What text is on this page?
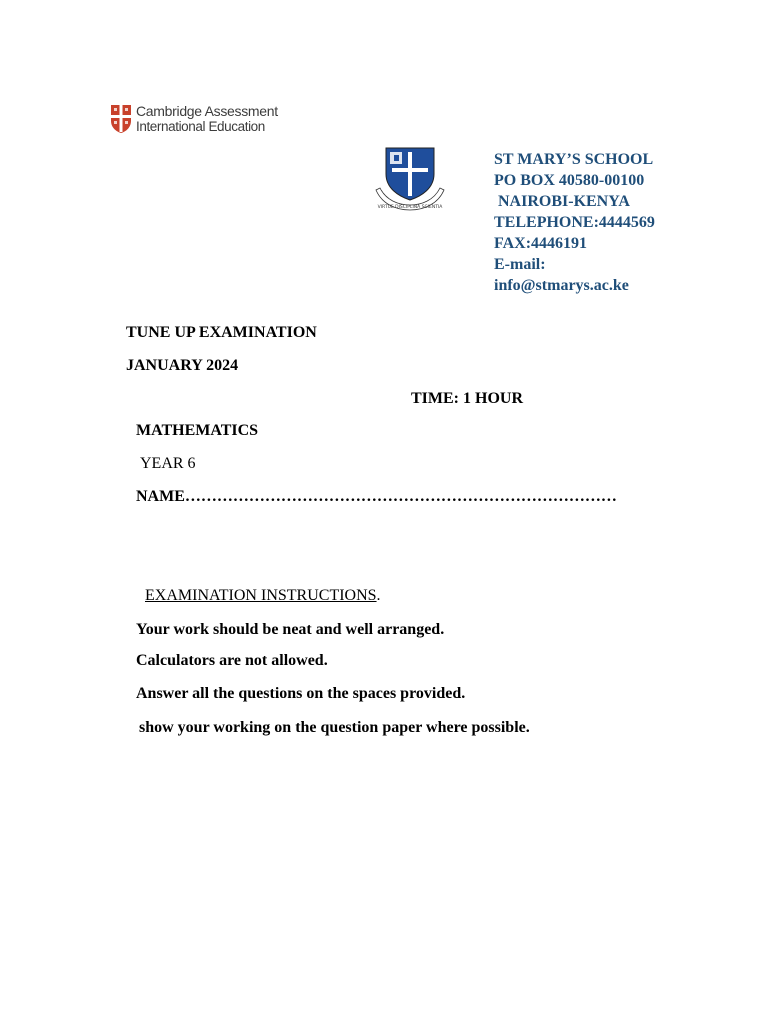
Cambridge Assessment
International Education
VIRTUE DISCIPLINA SCIENTIA
ST MARY’S SCHOOL
PO BOX 40580-00100
NAIROBI-KENYA
TELEPHONE:4444569
FAX:4446191
E-mail:
info@stmarys.ac.ke
TUNE UP EXAMINATION
JANUARY 2024
TIME: 1 HOUR
MATHEMATICS
YEAR 6
NAME………………………………………………………………………
EXAMINATION INSTRUCTIONS.
Your work should be neat and well arranged.
Calculators are not allowed.
Answer all the questions on the spaces provided.
show your working on the question paper where possible.
